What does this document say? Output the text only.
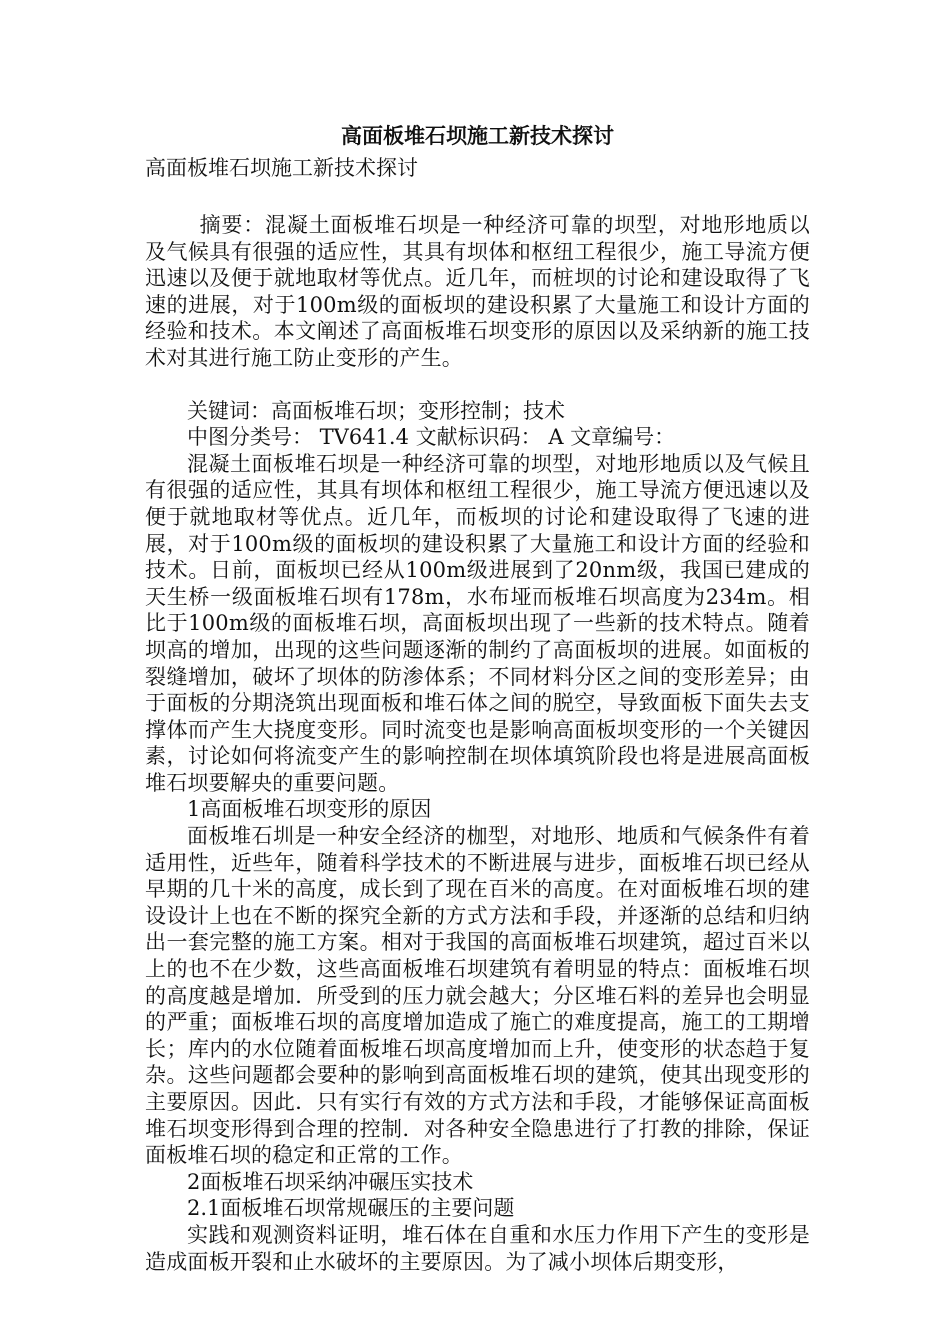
高面板堆石坝施工新技术探讨

高面板堆石坝施工新技术探讨

摘要：混凝土面板堆石坝是一种经济可靠的坝型，对地形地质以及气候具有很强的适应性，其具有坝体和枢纽工程很少，施工导流方便迅速以及便于就地取材等优点。近几年，而桩坝的讨论和建设取得了飞速的进展，对于100m级的面板坝的建设积累了大量施工和设计方面的经验和技术。本文阐述了高面板堆石坝变形的原因以及采纳新的施工技术对其进行施工防止变形的产生。

关键词：高面板堆石坝；变形控制；技术

中图分类号： TV641.4 文献标识码： A 文章编号：

混凝土面板堆石坝是一种经济可靠的坝型，对地形地质以及气候且有很强的适应性，其具有坝体和枢纽工程很少，施工导流方便迅速以及便于就地取材等优点。近几年，而板坝的讨论和建设取得了飞速的进展，对于100m级的面板坝的建设积累了大量施工和设计方面的经验和技术。日前，面板坝已经从100m级进展到了20nm级，我国已建成的天生桥一级面板堆石坝有178m，水布垭而板堆石坝高度为234m。相比于100m级的面板堆石坝，高面板坝出现了一些新的技术特点。随着坝高的增加，出现的这些问题逐渐的制约了高面板坝的进展。如面板的裂缝增加，破坏了坝体的防渗体系；不同材料分区之间的变形差异；由于面板的分期浇筑出现面板和堆石体之间的脱空，导致面板下面失去支撑体而产生大挠度变形。同时流变也是影响高面板坝变形的一个关键因素，讨论如何将流变产生的影响控制在坝体填筑阶段也将是进展高面板堆石坝要解央的重要问题。

1高面板堆石坝变形的原因

面板堆石圳是一种安全经济的枷型，对地形、地质和气候条件有着适用性，近些年，随着科学技术的不断进展与进步，面板堆石坝已经从早期的几十米的高度，成长到了现在百米的高度。在对面板堆石坝的建设设计上也在不断的探究全新的方式方法和手段，并逐渐的总结和归纳出一套完整的施工方案。相对于我国的高面板堆石坝建筑，超过百米以上的也不在少数，这些高面板堆石坝建筑有着明显的特点：面板堆石坝的高度越是增加．所受到的压力就会越大；分区堆石料的差异也会明显的严重；面板堆石坝的高度增加造成了施亡的难度提高，施工的工期增长；库内的水位随着面板堆石坝高度增加而上升，使变形的状态趋于复杂。这些问题都会要种的影响到高面板堆石坝的建筑，使其出现变形的主要原因。因此．只有实行有效的方式方法和手段，才能够保证高面板堆石坝变形得到合理的控制．对各种安全隐患进行了打教的排除，保证面板堆石坝的稳定和正常的工作。

2面板堆石坝采纳冲碾压实技术

2.1面板堆石坝常规碾压的主要问题

实践和观测资料证明，堆石体在自重和水压力作用下产生的变形是造成面板开裂和止水破坏的主要原因。为了减小坝体后期变形，
